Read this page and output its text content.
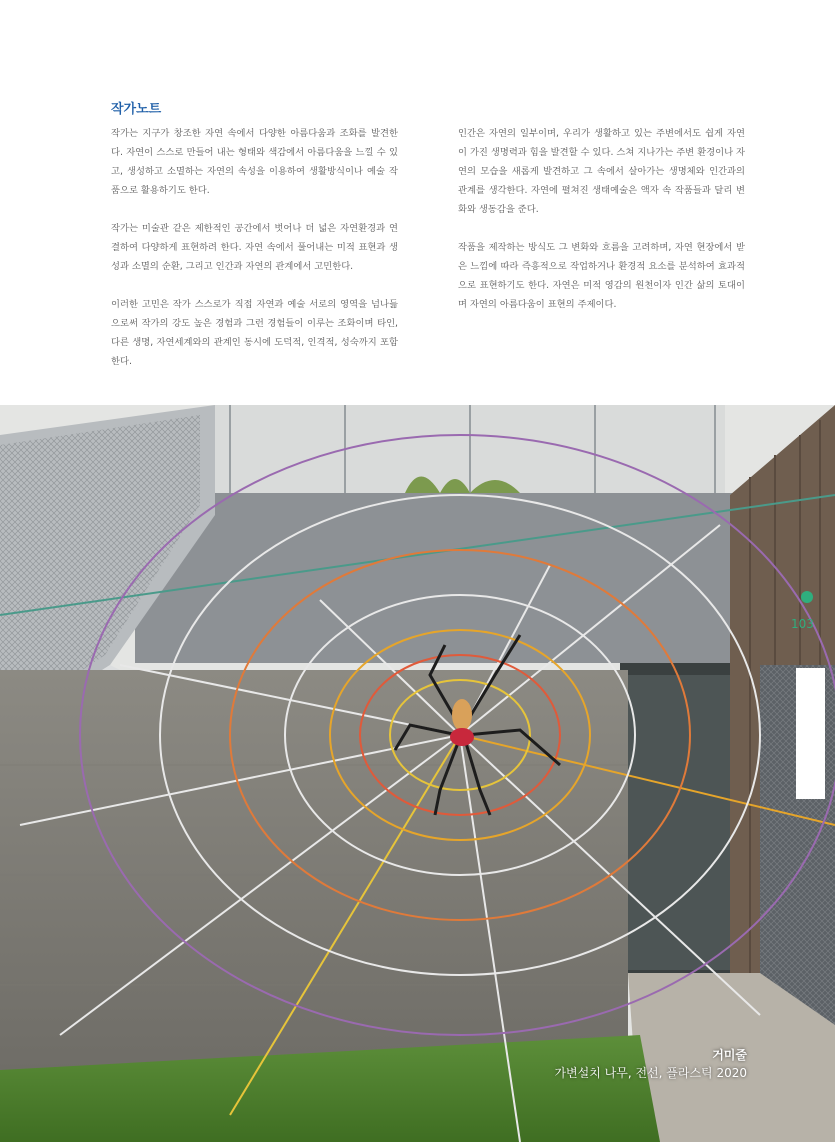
작가노트

작가는 지구가 창조한 자연 속에서 다양한 아름다움과 조화를 발견한다. 자연이 스스로 만들어 내는 형태와 색감에서 아름다움을 느낄 수 있고, 생성하고 소멸하는 자연의 속성을 이용하여 생활방식이나 예술 작품으로 활용하기도 한다.

작가는 미술관 같은 제한적인 공간에서 벗어나 더 넓은 자연환경과 연결하여 다양하게 표현하려 한다. 자연 속에서 풀어내는 미적 표현과 생성과 소멸의 순환, 그리고 인간과 자연의 관계에서 고민한다.

이러한 고민은 작가 스스로가 직접 자연과 예술 서로의 영역을 넘나듦으로써 작가의 강도 높은 경험과 그런 경험들이 이루는 조화이며 타인, 다른 생명, 자연세계와의 관계인 동시에 도덕적, 인격적, 성숙까지 포함한다.

인간은 자연의 일부이며, 우리가 생활하고 있는 주변에서도 쉽게 자연이 가진 생명력과 힘을 발견할 수 있다. 스쳐 지나가는 주변 환경이나 자연의 모습을 새롭게 발견하고 그 속에서 살아가는 생명체와 인간과의 관계를 생각한다. 자연에 펼쳐진 생태예술은 액자 속 작품들과 달리 변화와 생동감을 준다.

작품을 제작하는 방식도 그 변화와 흐름을 고려하며, 자연 현장에서 받은 느낌에 따라 즉흥적으로 작업하거나 환경적 요소를 분석하여 효과적으로 표현하기도 한다. 자연은 미적 영감의 원천이자 인간 삶의 토대이며 자연의 아름다움이 표현의 주제이다.

103

거미줄

가변설치 나무, 전선, 플라스틱 2020
